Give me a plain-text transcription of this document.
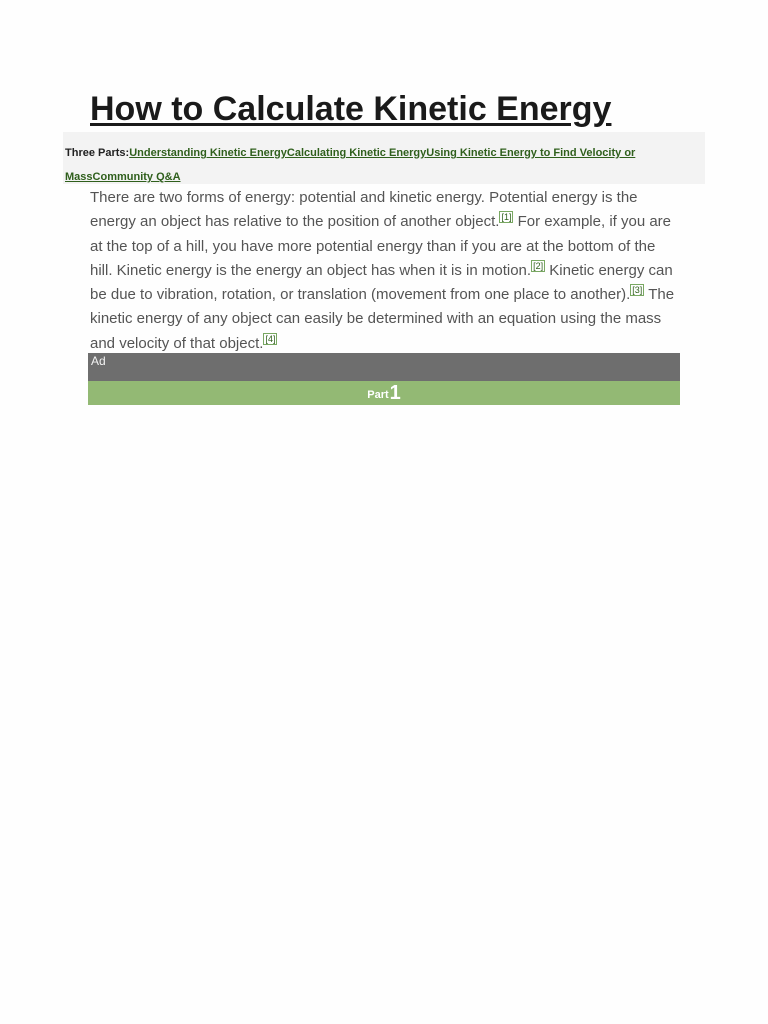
How to Calculate Kinetic Energy
Three Parts:Understanding Kinetic EnergyCalculating Kinetic EnergyUsing Kinetic Energy to Find Velocity or MassCommunity Q&A

There are two forms of energy: potential and kinetic energy. Potential energy is the energy an object has relative to the position of another object. [1] For example, if you are at the top of a hill, you have more potential energy than if you are at the bottom of the hill. Kinetic energy is the energy an object has when it is in motion. [2] Kinetic energy can be due to vibration, rotation, or translation (movement from one place to another). [3] The kinetic energy of any object can easily be determined with an equation using the mass and velocity of that object. [4]

Ad
Part1
